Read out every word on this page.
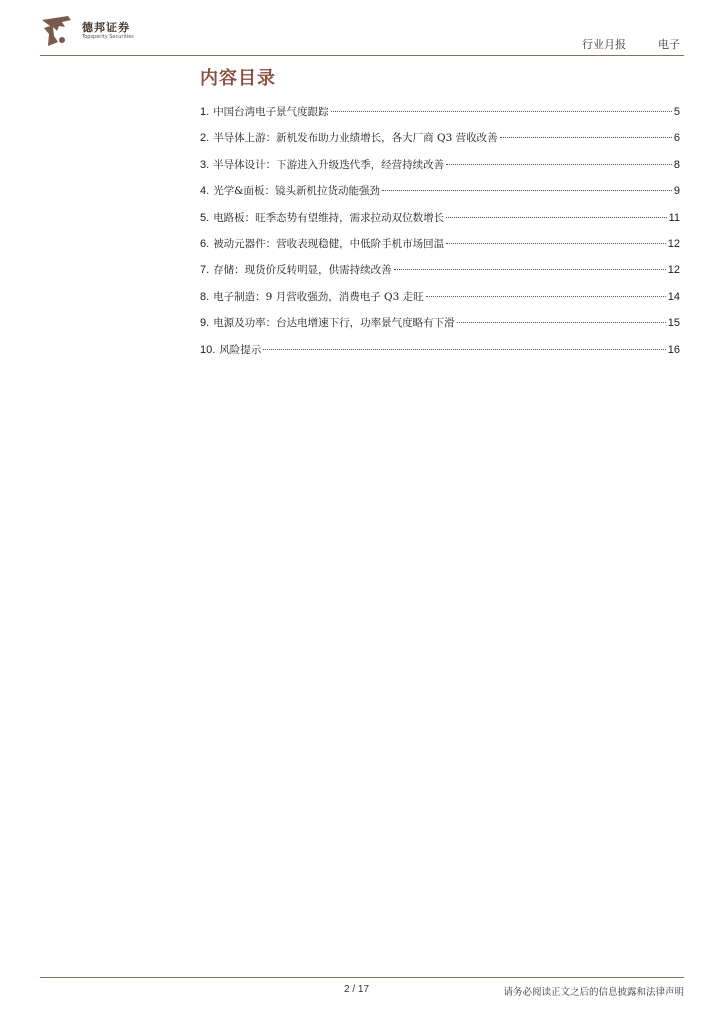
德邦证券
Topsperity Securities
行业月报	电子
内容目录
1. 中国台湾电子景气度跟踪	5
2. 半导体上游：新机发布助力业绩增长，各大厂商 Q3 营收改善	6
3. 半导体设计：下游进入升级迭代季，经营持续改善	8
4. 光学&面板：镜头新机拉货动能强劲	9
5. 电路板：旺季态势有望维持，需求拉动双位数增长	11
6. 被动元器件：营收表现稳健，中低阶手机市场回温	12
7. 存储：现货价反转明显，供需持续改善	12
8. 电子制造：9 月营收强劲，消费电子 Q3 走旺	14
9. 电源及功率：台达电增速下行，功率景气度略有下滑	15
10. 风险提示	16
2 / 17	请务必阅读正文之后的信息披露和法律声明
